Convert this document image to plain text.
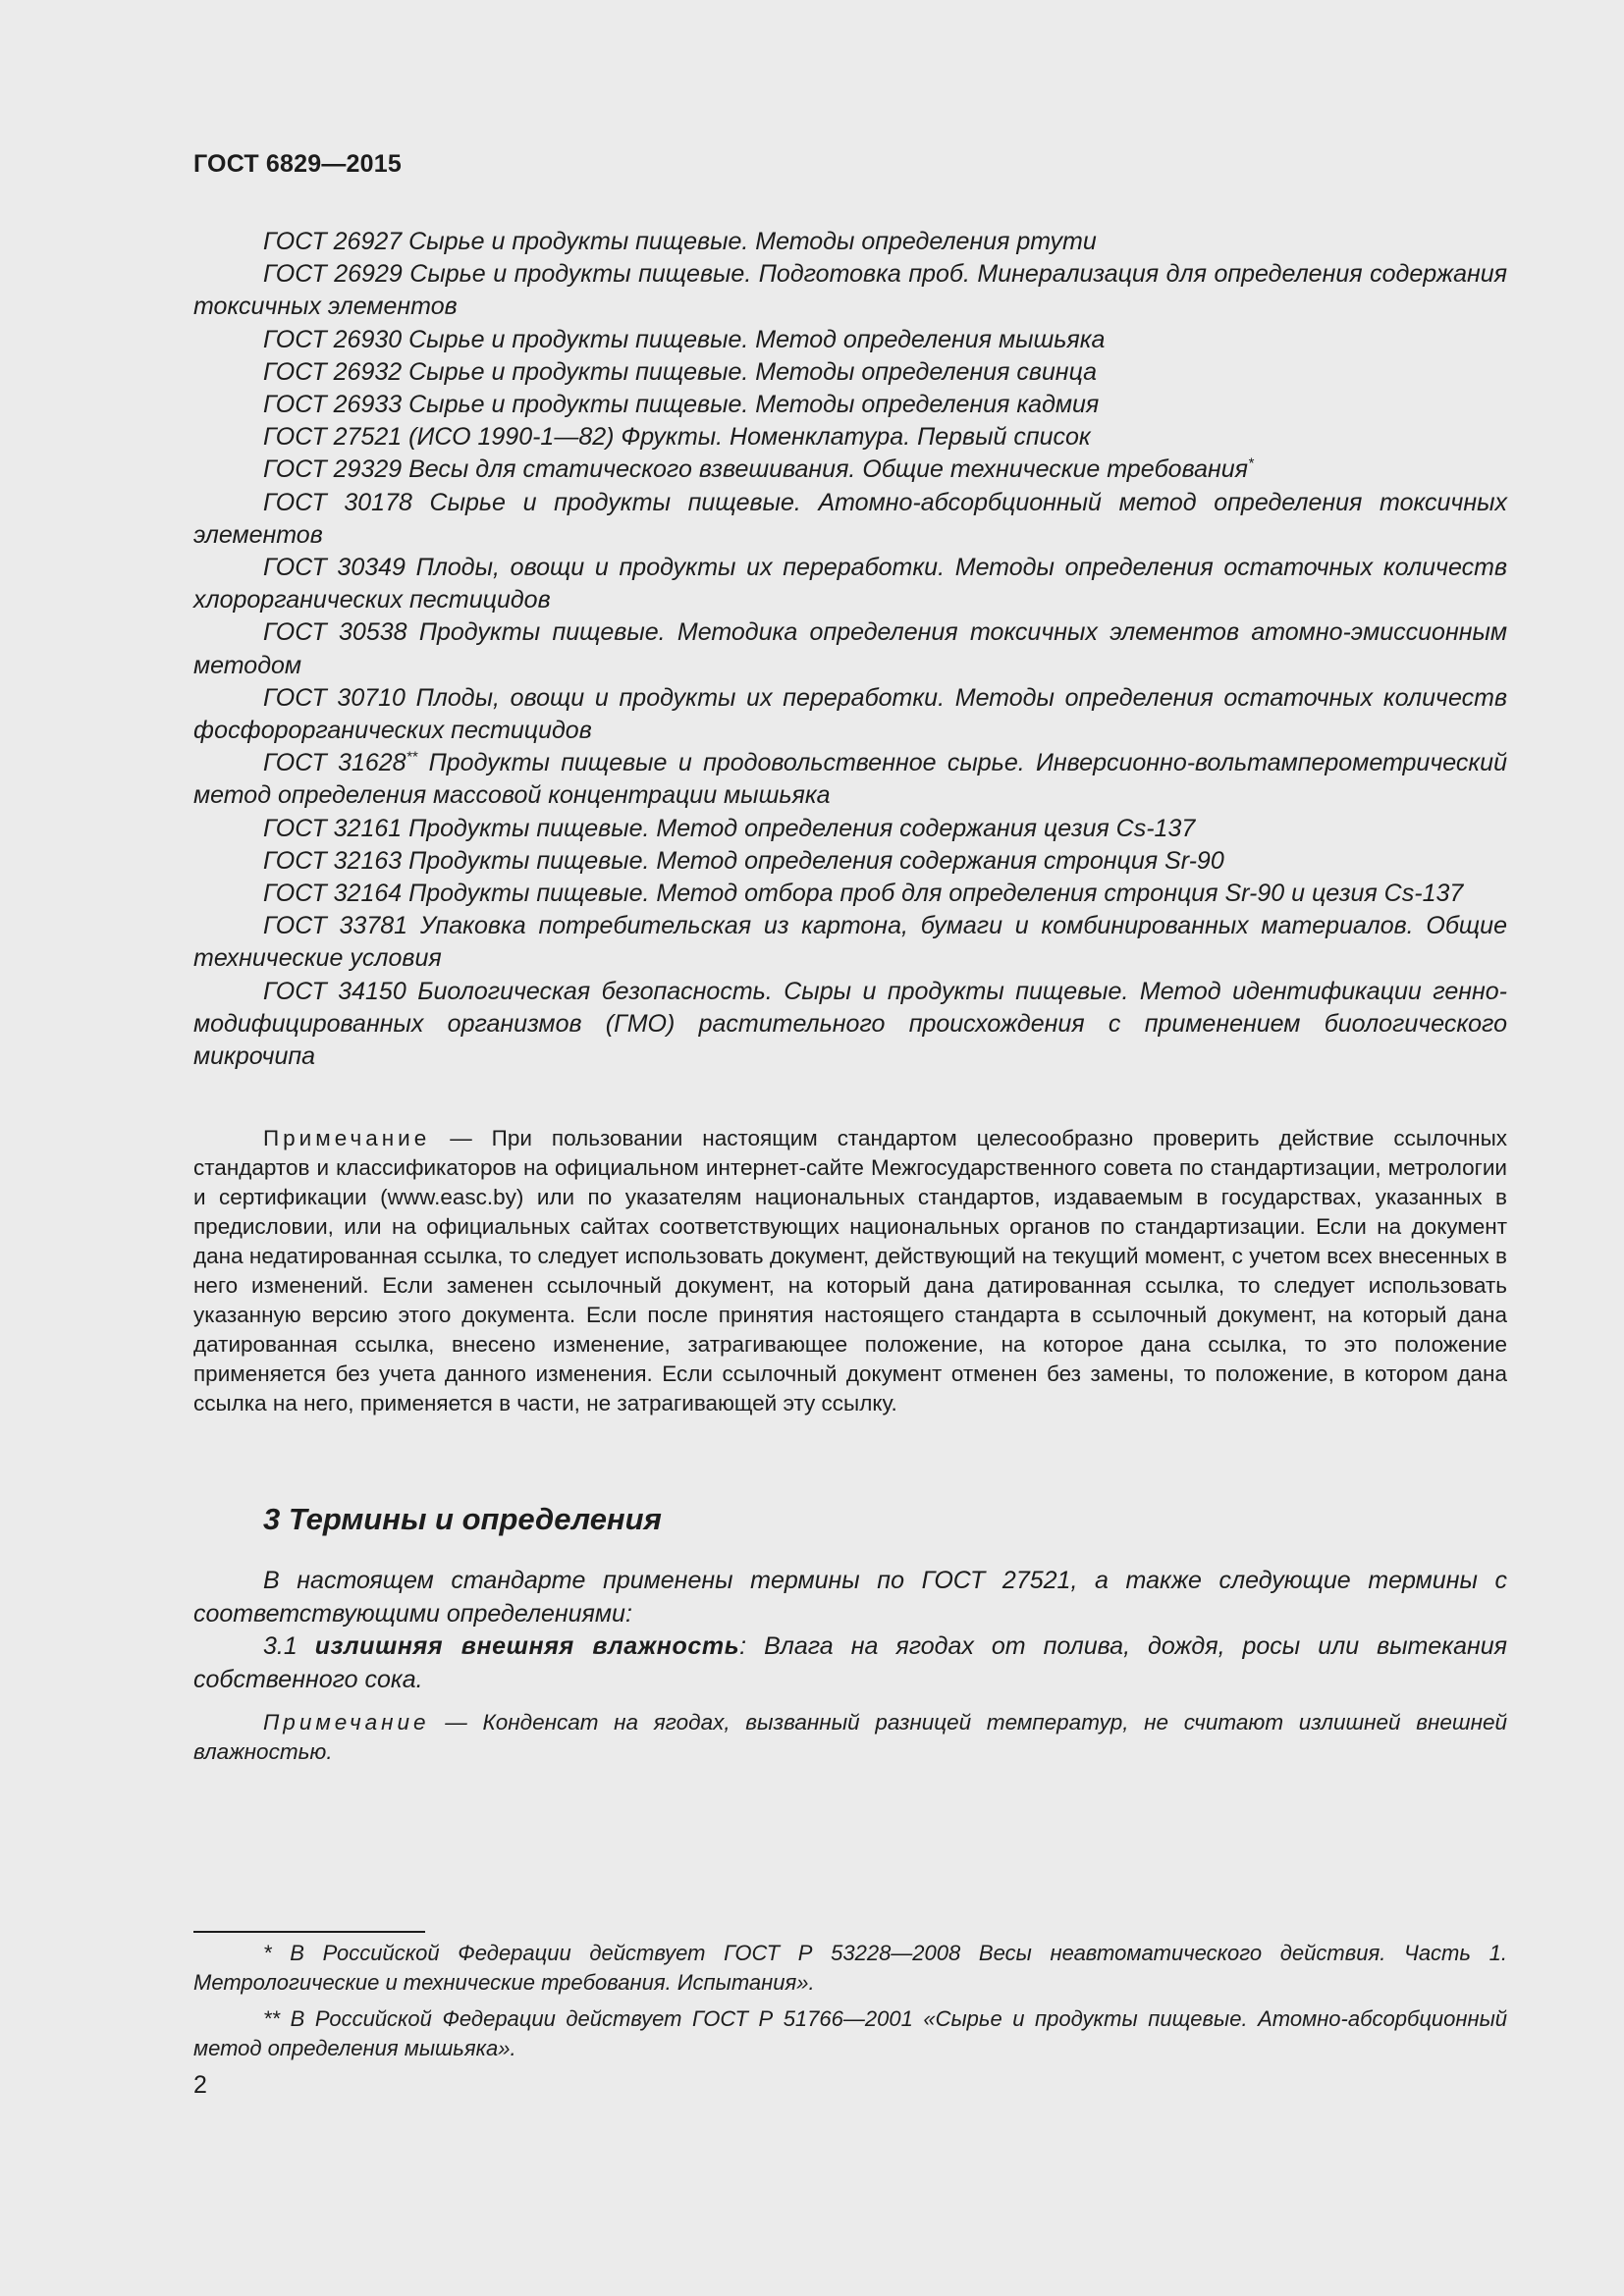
ГОСТ 6829—2015

ГОСТ 26927 Сырье и продукты пищевые. Методы определения ртути

ГОСТ 26929 Сырье и продукты пищевые. Подготовка проб. Минерализация для определения содержания токсичных элементов

ГОСТ 26930 Сырье и продукты пищевые. Метод определения мышьяка

ГОСТ 26932 Сырье и продукты пищевые. Методы определения свинца

ГОСТ 26933 Сырье и продукты пищевые. Методы определения кадмия

ГОСТ 27521 (ИСО 1990-1—82) Фрукты. Номенклатура. Первый список

ГОСТ 29329 Весы для статического взвешивания. Общие технические требования*

ГОСТ 30178 Сырье и продукты пищевые. Атомно-абсорбционный метод определения токсичных элементов

ГОСТ 30349 Плоды, овощи и продукты их переработки. Методы определения остаточных количеств хлорорганических пестицидов

ГОСТ 30538 Продукты пищевые. Методика определения токсичных элементов атомно-эмиссионным методом

ГОСТ 30710 Плоды, овощи и продукты их переработки. Методы определения остаточных количеств фосфорорганических пестицидов

ГОСТ 31628** Продукты пищевые и продовольственное сырье. Инверсионно-вольтамперометрический метод определения массовой концентрации мышьяка

ГОСТ 32161 Продукты пищевые. Метод определения содержания цезия Cs-137

ГОСТ 32163 Продукты пищевые. Метод определения содержания стронция Sr-90

ГОСТ 32164 Продукты пищевые. Метод отбора проб для определения стронция Sr-90 и цезия Cs-137

ГОСТ 33781 Упаковка потребительская из картона, бумаги и комбинированных материалов. Общие технические условия

ГОСТ 34150 Биологическая безопасность. Сыры и продукты пищевые. Метод идентификации генно-модифицированных организмов (ГМО) растительного происхождения с применением биологического микрочипа

Примечание — При пользовании настоящим стандартом целесообразно проверить действие ссылочных стандартов и классификаторов на официальном интернет-сайте Межгосударственного совета по стандартизации, метрологии и сертификации (www.easc.by) или по указателям национальных стандартов, издаваемым в государствах, указанных в предисловии, или на официальных сайтах соответствующих национальных органов по стандартизации. Если на документ дана недатированная ссылка, то следует использовать документ, действующий на текущий момент, с учетом всех внесенных в него изменений. Если заменен ссылочный документ, на который дана датированная ссылка, то следует использовать указанную версию этого документа. Если после принятия настоящего стандарта в ссылочный документ, на который дана датированная ссылка, внесено изменение, затрагивающее положение, на которое дана ссылка, то это положение применяется без учета данного изменения. Если ссылочный документ отменен без замены, то положение, в котором дана ссылка на него, применяется в части, не затрагивающей эту ссылку.

3 Термины и определения

В настоящем стандарте применены термины по ГОСТ 27521, а также следующие термины с соответствующими определениями:

3.1 излишняя внешняя влажность: Влага на ягодах от полива, дождя, росы или вытекания собственного сока.

Примечание — Конденсат на ягодах, вызванный разницей температур, не считают излишней внешней влажностью.

* В Российской Федерации действует ГОСТ Р 53228—2008 Весы неавтоматического действия. Часть 1. Метрологические и технические требования. Испытания».

** В Российской Федерации действует ГОСТ Р 51766—2001 «Сырье и продукты пищевые. Атомно-абсорбционный метод определения мышьяка».

2
